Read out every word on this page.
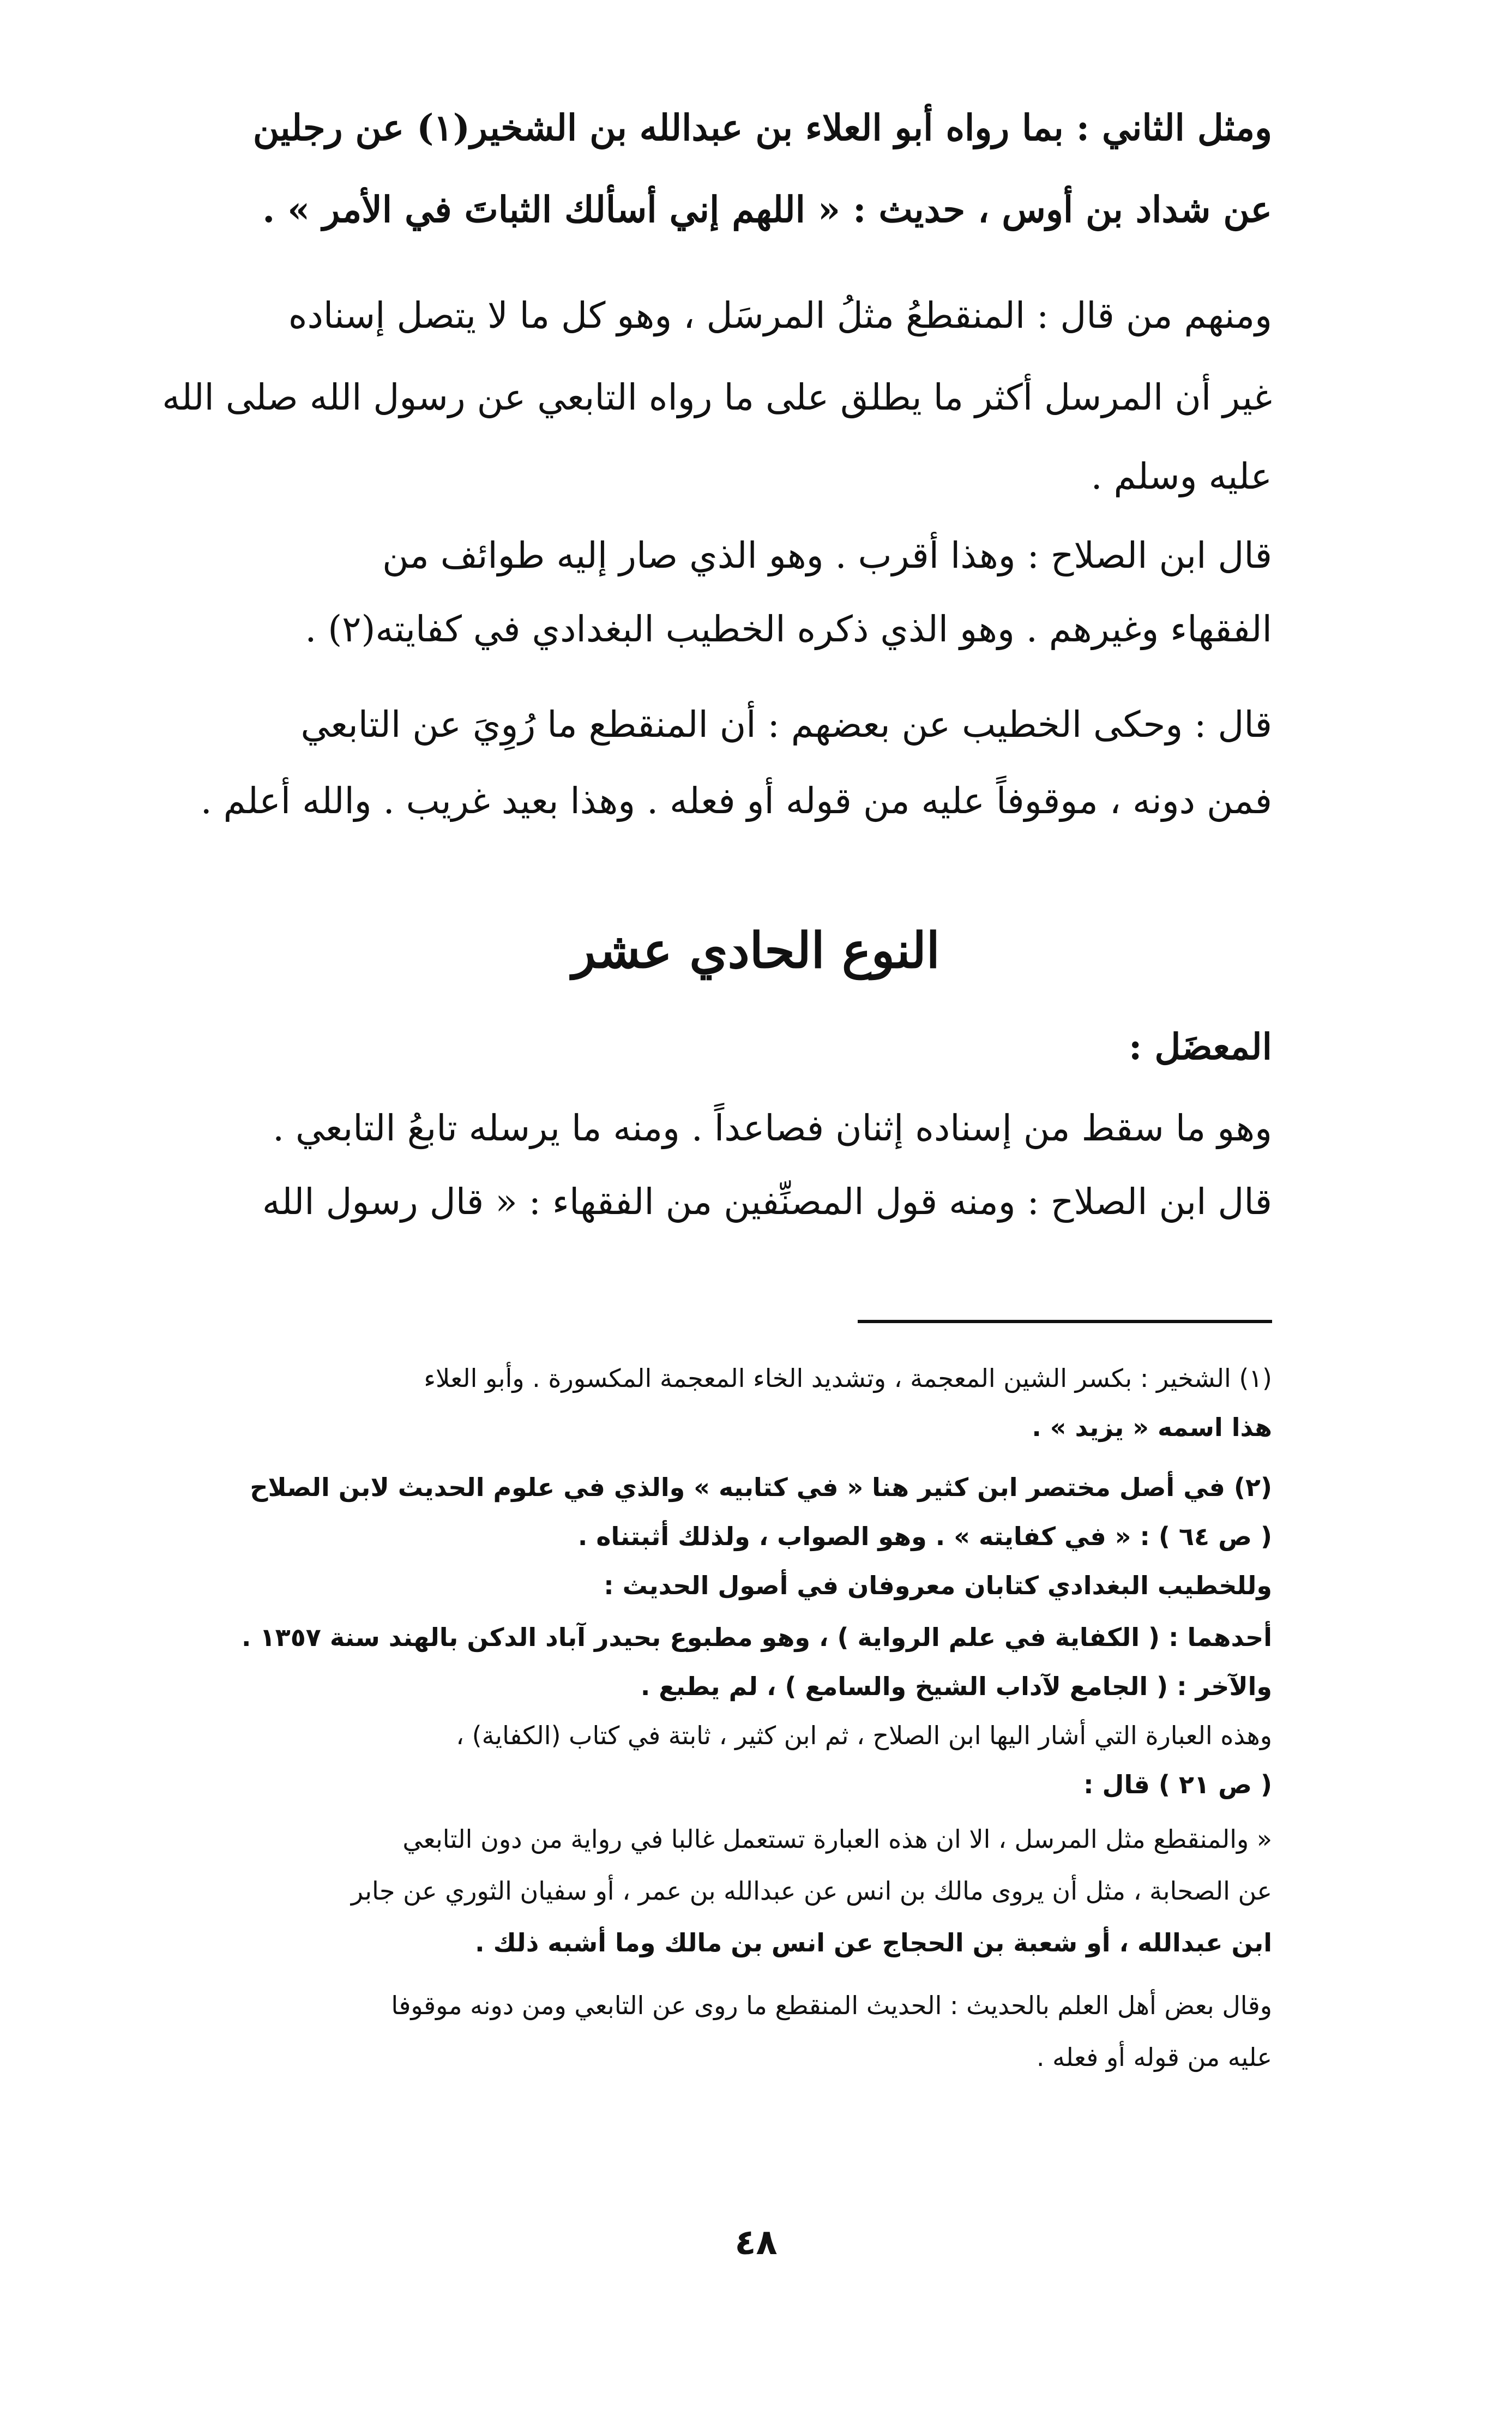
ومثل الثاني : بما رواه أبو العلاء بن عبدالله بن الشخير(١) عن رجلين

عن شداد بن أوس ، حديث : « اللهم إني أسألك الثباتَ في الأمر » .

ومنهم من قال : المنقطعُ مثلُ المرسَل ، وهو كل ما لا يتصل إسناده

غير أن المرسل أكثر ما يطلق على ما رواه التابعي عن رسول الله صلى الله

عليه وسلم .

قال ابن الصلاح : وهذا أقرب . وهو الذي صار إليه طوائف من

الفقهاء وغيرهم . وهو الذي ذكره الخطيب البغدادي في كفايته(٢) .

قال : وحكى الخطيب عن بعضهم : أن المنقطع ما رُوِيَ عن التابعي

فمن دونه ، موقوفاً عليه من قوله أو فعله . وهذا بعيد غريب . والله أعلم .

النوع الحادي عشر

المعضَل :

وهو ما سقط من إسناده إثنان فصاعداً . ومنه ما يرسله تابعُ التابعي .

قال ابن الصلاح : ومنه قول المصنِّفين من الفقهاء : « قال رسول الله

(١) الشخير : بكسر الشين المعجمة ، وتشديد الخاء المعجمة المكسورة . وأبو العلاء

هذا اسمه « يزيد » .

(٢) في أصل مختصر ابن كثير هنا « في كتابيه » والذي في علوم الحديث لابن الصلاح

( ص ٦٤ ) : « في كفايته » . وهو الصواب ، ولذلك أثبتناه .

وللخطيب البغدادي كتابان معروفان في أصول الحديث :

أحدهما : ( الكفاية في علم الرواية ) ، وهو مطبوع بحيدر آباد الدكن بالهند سنة ١٣٥٧ .

والآخر : ( الجامع لآداب الشيخ والسامع ) ، لم يطبع .

وهذه العبارة التي أشار اليها ابن الصلاح ، ثم ابن كثير ، ثابتة في كتاب (الكفاية) ،

( ص ٢١ ) قال :

« والمنقطع مثل المرسل ، الا ان هذه العبارة تستعمل غالبا في رواية من دون التابعي

عن الصحابة ، مثل أن يروى مالك بن انس عن عبدالله بن عمر ، أو سفيان الثوري عن جابر

ابن عبدالله ، أو شعبة بن الحجاج عن انس بن مالك وما أشبه ذلك .

وقال بعض أهل العلم بالحديث : الحديث المنقطع ما روى عن التابعي ومن دونه موقوفا

عليه من قوله أو فعله .

٤٨
